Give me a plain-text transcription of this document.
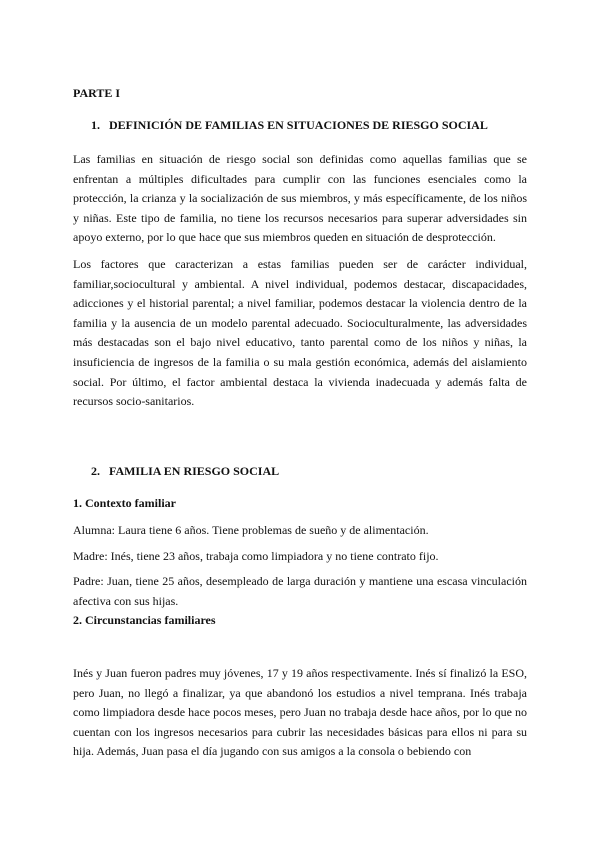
PARTE I
1. DEFINICIÓN DE FAMILIAS EN SITUACIONES DE RIESGO SOCIAL

Las familias en situación de riesgo social son definidas como aquellas familias que se enfrentan a múltiples dificultades para cumplir con las funciones esenciales como la protección, la crianza y la socialización de sus miembros, y más específicamente, de los niños y niñas. Este tipo de familia, no tiene los recursos necesarios para superar adversidades sin apoyo externo, por lo que hace que sus miembros queden en situación de desprotección.

Los factores que caracterizan a estas familias pueden ser de carácter individual, familiar,sociocultural y ambiental. A nivel individual, podemos destacar, discapacidades, adicciones y el historial parental; a nivel familiar, podemos destacar la violencia dentro de la familia y la ausencia de un modelo parental adecuado. Socioculturalmente, las adversidades más destacadas son el bajo nivel educativo, tanto parental como de los niños y niñas, la insuficiencia de ingresos de la familia o su mala gestión económica, además del aislamiento social. Por último, el factor ambiental destaca la vivienda inadecuada y además falta de recursos socio-sanitarios.

2. FAMILIA EN RIESGO SOCIAL
1. Contexto familiar

Alumna: Laura tiene 6 años. Tiene problemas de sueño y de alimentación.

Madre: Inés, tiene 23 años, trabaja como limpiadora y no tiene contrato fijo.

Padre: Juan, tiene 25 años, desempleado de larga duración y mantiene una escasa vinculación afectiva con sus hijas.

2. Circunstancias familiares

Inés y Juan fueron padres muy jóvenes, 17 y 19 años respectivamente. Inés sí finalizó la ESO, pero Juan, no llegó a finalizar, ya que abandonó los estudios a nivel temprana. Inés trabaja como limpiadora desde hace pocos meses, pero Juan no trabaja desde hace años, por lo que no cuentan con los ingresos necesarios para cubrir las necesidades básicas para ellos ni para su hija. Además, Juan pasa el día jugando con sus amigos a la consola o bebiendo con
